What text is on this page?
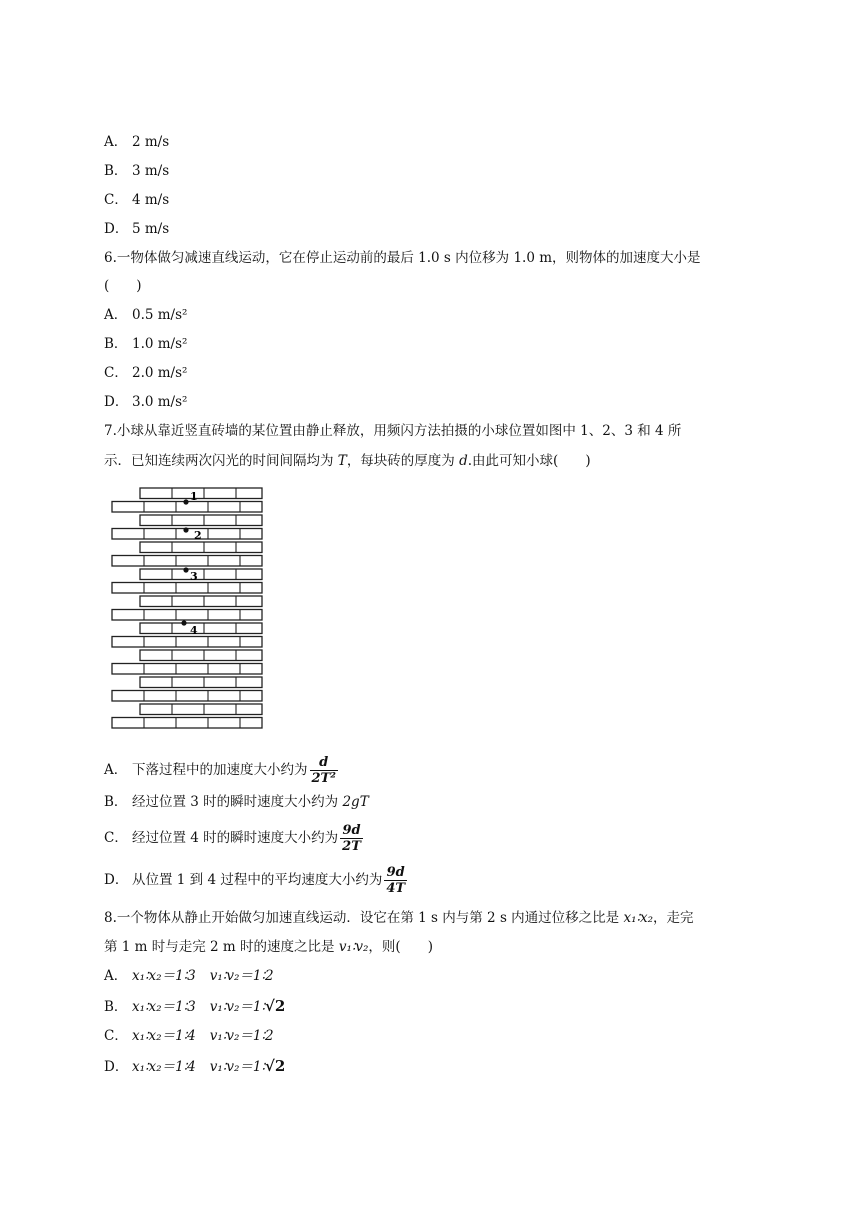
A． 2 m/s
B． 3 m/s
C． 4 m/s
D． 5 m/s
6.一物体做匀减速直线运动，它在停止运动前的最后 1.0 s 内位移为 1.0 m，则物体的加速度大小是
(　　)
A． 0.5 m/s²
B． 1.0 m/s²
C． 2.0 m/s²
D． 3.0 m/s²
7.小球从靠近竖直砖墙的某位置由静止释放，用频闪方法拍摄的小球位置如图中 1、2、3 和 4 所
示．已知连续两次闪光的时间间隔均为 T，每块砖的厚度为 d.由此可知小球(　　)
1
2
3
4
A． 下落过程中的加速度大小约为 $\frac{d}{\text{2T²}}$
B． 经过位置 3 时的瞬时速度大小约为 2gT
C． 经过位置 4 时的瞬时速度大小约为 $\frac{9d}{2T}$
D． 从位置 1 到 4 过程中的平均速度大小约为 $\frac{9d}{4T}$
8.一个物体从静止开始做匀加速直线运动．设它在第 1 s 内与第 2 s 内通过位移之比是 x₁∶x₂，走完
第 1 m 时与走完 2 m 时的速度之比是 v₁∶v₂，则(　　)
A． x₁∶x₂＝1∶3 v₁∶v₂＝1∶2
B． x₁∶x₂＝1∶3 v₁∶v₂＝1∶√2
C． x₁∶x₂＝1∶4 v₁∶v₂＝1∶2
D． x₁∶x₂＝1∶4 v₁∶v₂＝1∶√2
